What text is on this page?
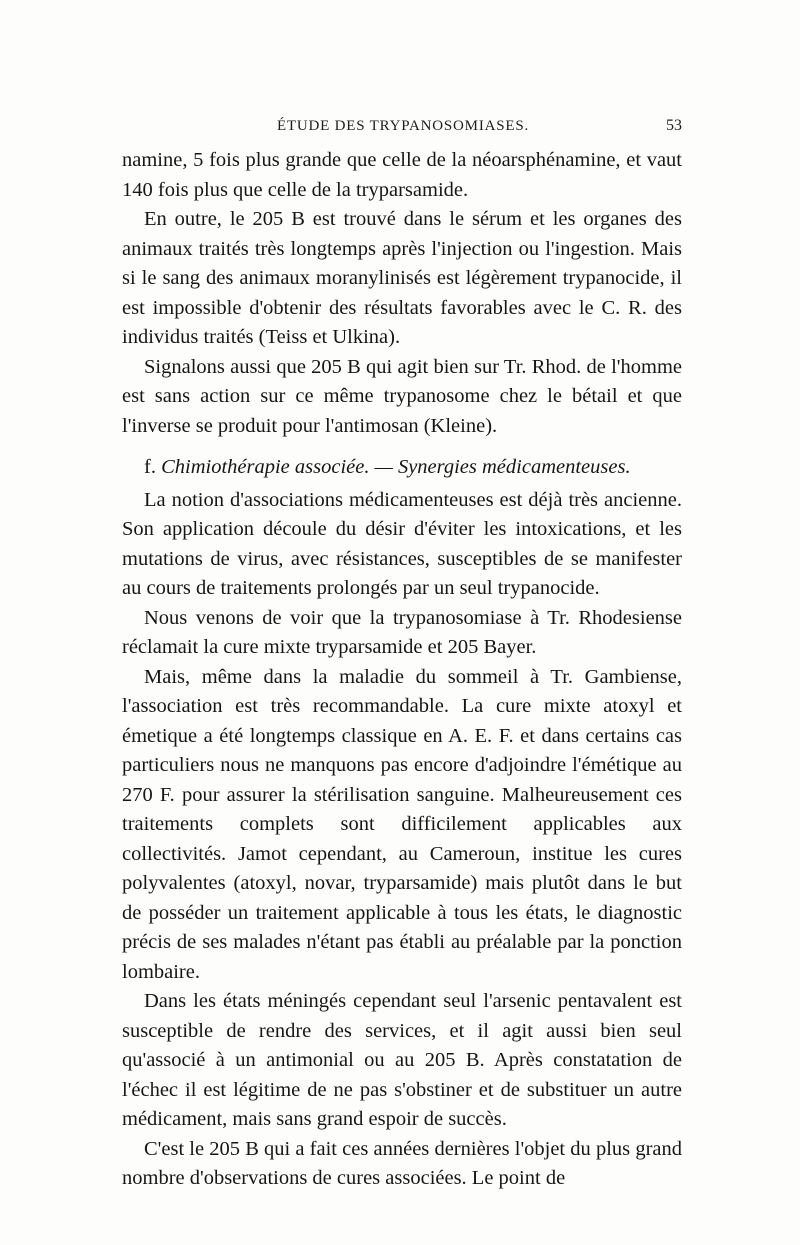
ÉTUDE DES TRYPANOSOMIASES.	53

namine, 5 fois plus grande que celle de la néoarsphénamine, et vaut 140 fois plus que celle de la tryparsamide.

En outre, le 205 B est trouvé dans le sérum et les organes des animaux traités très longtemps après l'injection ou l'ingestion. Mais si le sang des animaux moranylinisés est légèrement trypanocide, il est impossible d'obtenir des résultats favorables avec le C. R. des individus traités (Teiss et Ulkina).

Signalons aussi que 205 B qui agit bien sur Tr. Rhod. de l'homme est sans action sur ce même trypanosome chez le bétail et que l'inverse se produit pour l'antimosan (Kleine).

f. Chimiothérapie associée. — Synergies médicamenteuses.

La notion d'associations médicamenteuses est déjà très ancienne. Son application découle du désir d'éviter les intoxications, et les mutations de virus, avec résistances, susceptibles de se manifester au cours de traitements prolongés par un seul trypanocide.

Nous venons de voir que la trypanosomiase à Tr. Rhodesiense réclamait la cure mixte tryparsamide et 205 Bayer.

Mais, même dans la maladie du sommeil à Tr. Gambiense, l'association est très recommandable. La cure mixte atoxyl et émetique a été longtemps classique en A. E. F. et dans certains cas particuliers nous ne manquons pas encore d'adjoindre l'émétique au 270 F. pour assurer la stérilisation sanguine. Malheureusement ces traitements complets sont difficilement applicables aux collectivités. Jamot cependant, au Cameroun, institue les cures polyvalentes (atoxyl, novar, tryparsamide) mais plutôt dans le but de posséder un traitement applicable à tous les états, le diagnostic précis de ses malades n'étant pas établi au préalable par la ponction lombaire.

Dans les états méningés cependant seul l'arsenic pentavalent est susceptible de rendre des services, et il agit aussi bien seul qu'associé à un antimonial ou au 205 B. Après constatation de l'échec il est légitime de ne pas s'obstiner et de substituer un autre médicament, mais sans grand espoir de succès.

C'est le 205 B qui a fait ces années dernières l'objet du plus grand nombre d'observations de cures associées. Le point de
